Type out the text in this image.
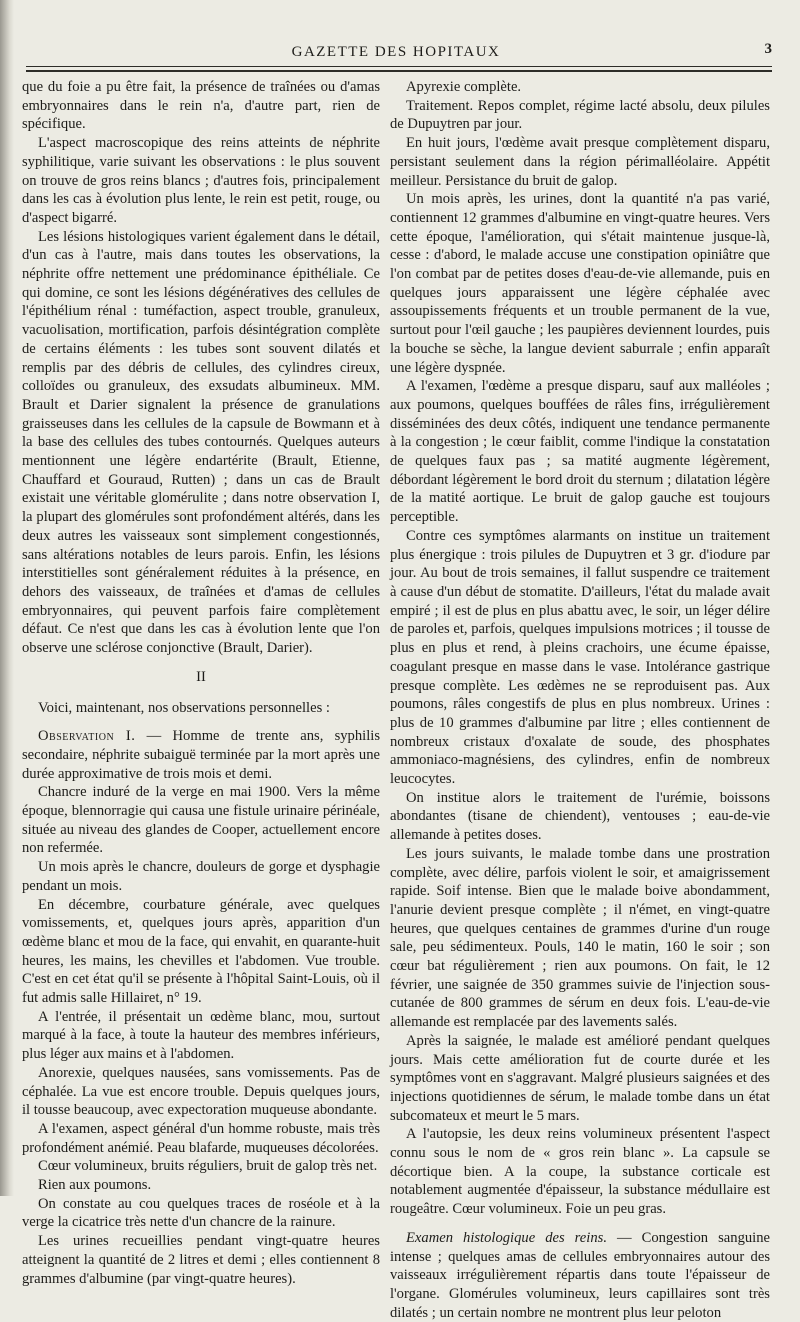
GAZETTE DES HOPITAUX	3

que du foie a pu être fait, la présence de traînées ou d'amas embryonnaires dans le rein n'a, d'autre part, rien de spécifique.

L'aspect macroscopique des reins atteints de néphrite syphilitique, varie suivant les observations : le plus souvent on trouve de gros reins blancs ; d'autres fois, principalement dans les cas à évolution plus lente, le rein est petit, rouge, ou d'aspect bigarré.

Les lésions histologiques varient également dans le détail, d'un cas à l'autre, mais dans toutes les observations, la néphrite offre nettement une prédominance épithéliale. Ce qui domine, ce sont les lésions dégénératives des cellules de l'épithélium rénal : tuméfaction, aspect trouble, granuleux, vacuolisation, mortification, parfois désintégration complète de certains éléments : les tubes sont souvent dilatés et remplis par des débris de cellules, des cylindres cireux, colloïdes ou granuleux, des exsudats albumineux. MM. Brault et Darier signalent la présence de granulations graisseuses dans les cellules de la capsule de Bowmann et à la base des cellules des tubes contournés. Quelques auteurs mentionnent une légère endartérite (Brault, Etienne, Chauffard et Gouraud, Rutten) ; dans un cas de Brault existait une véritable glomérulite ; dans notre observation I, la plupart des glomérules sont profondément altérés, dans les deux autres les vaisseaux sont simplement congestionnés, sans altérations notables de leurs parois. Enfin, les lésions interstitielles sont généralement réduites à la présence, en dehors des vaisseaux, de traînées et d'amas de cellules embryonnaires, qui peuvent parfois faire complètement défaut. Ce n'est que dans les cas à évolution lente que l'on observe une sclérose conjonctive (Brault, Darier).

II

Voici, maintenant, nos observations personnelles :

Observation I. — Homme de trente ans, syphilis secondaire, néphrite subaiguë terminée par la mort après une durée approximative de trois mois et demi.

Chancre induré de la verge en mai 1900. Vers la même époque, blennorragie qui causa une fistule urinaire périnéale, située au niveau des glandes de Cooper, actuellement encore non refermée.

Un mois après le chancre, douleurs de gorge et dysphagie pendant un mois.

En décembre, courbature générale, avec quelques vomissements, et, quelques jours après, apparition d'un œdème blanc et mou de la face, qui envahit, en quarante-huit heures, les mains, les chevilles et l'abdomen. Vue trouble. C'est en cet état qu'il se présente à l'hôpital Saint-Louis, où il fut admis salle Hillairet, n° 19.

A l'entrée, il présentait un œdème blanc, mou, surtout marqué à la face, à toute la hauteur des membres inférieurs, plus léger aux mains et à l'abdomen.

Anorexie, quelques nausées, sans vomissements. Pas de céphalée. La vue est encore trouble. Depuis quelques jours, il tousse beaucoup, avec expectoration muqueuse abondante.

A l'examen, aspect général d'un homme robuste, mais très profondément anémié. Peau blafarde, muqueuses décolorées.

Cœur volumineux, bruits réguliers, bruit de galop très net.

Rien aux poumons.

On constate au cou quelques traces de roséole et à la verge la cicatrice très nette d'un chancre de la rainure.

Les urines recueillies pendant vingt-quatre heures atteignent la quantité de 2 litres et demi ; elles contiennent 8 grammes d'albumine (par vingt-quatre heures).

Apyrexie complète.

Traitement. Repos complet, régime lacté absolu, deux pilules de Dupuytren par jour.

En huit jours, l'œdème avait presque complètement disparu, persistant seulement dans la région périmalléolaire. Appétit meilleur. Persistance du bruit de galop.

Un mois après, les urines, dont la quantité n'a pas varié, contiennent 12 grammes d'albumine en vingt-quatre heures. Vers cette époque, l'amélioration, qui s'était maintenue jusque-là, cesse : d'abord, le malade accuse une constipation opiniâtre que l'on combat par de petites doses d'eau-de-vie allemande, puis en quelques jours apparaissent une légère céphalée avec assoupissements fréquents et un trouble permanent de la vue, surtout pour l'œil gauche ; les paupières deviennent lourdes, puis la bouche se sèche, la langue devient saburrale ; enfin apparaît une légère dyspnée.

A l'examen, l'œdème a presque disparu, sauf aux malléoles ; aux poumons, quelques bouffées de râles fins, irrégulièrement disséminées des deux côtés, indiquent une tendance permanente à la congestion ; le cœur faiblit, comme l'indique la constatation de quelques faux pas ; sa matité augmente légèrement, débordant légèrement le bord droit du sternum ; dilatation légère de la matité aortique. Le bruit de galop gauche est toujours perceptible.

Contre ces symptômes alarmants on institue un traitement plus énergique : trois pilules de Dupuytren et 3 gr. d'iodure par jour. Au bout de trois semaines, il fallut suspendre ce traitement à cause d'un début de stomatite. D'ailleurs, l'état du malade avait empiré ; il est de plus en plus abattu avec, le soir, un léger délire de paroles et, parfois, quelques impulsions motrices ; il tousse de plus en plus et rend, à pleins crachoirs, une écume épaisse, coagulant presque en masse dans le vase. Intolérance gastrique presque complète. Les œdèmes ne se reproduisent pas. Aux poumons, râles congestifs de plus en plus nombreux. Urines : plus de 10 grammes d'albumine par litre ; elles contiennent de nombreux cristaux d'oxalate de soude, des phosphates ammoniaco-magnésiens, des cylindres, enfin de nombreux leucocytes.

On institue alors le traitement de l'urémie, boissons abondantes (tisane de chiendent), ventouses ; eau-de-vie allemande à petites doses.

Les jours suivants, le malade tombe dans une prostration complète, avec délire, parfois violent le soir, et amaigrissement rapide. Soif intense. Bien que le malade boive abondamment, l'anurie devient presque complète ; il n'émet, en vingt-quatre heures, que quelques centaines de grammes d'urine d'un rouge sale, peu sédimenteux. Pouls, 140 le matin, 160 le soir ; son cœur bat régulièrement ; rien aux poumons. On fait, le 12 février, une saignée de 350 grammes suivie de l'injection sous-cutanée de 800 grammes de sérum en deux fois. L'eau-de-vie allemande est remplacée par des lavements salés.

Après la saignée, le malade est amélioré pendant quelques jours. Mais cette amélioration fut de courte durée et les symptômes vont en s'aggravant. Malgré plusieurs saignées et des injections quotidiennes de sérum, le malade tombe dans un état subcomateux et meurt le 5 mars.

A l'autopsie, les deux reins volumineux présentent l'aspect connu sous le nom de « gros rein blanc ». La capsule se décortique bien. A la coupe, la substance corticale est notablement augmentée d'épaisseur, la substance médullaire est rougeâtre. Cœur volumineux. Foie un peu gras.

Examen histologique des reins. — Congestion sanguine intense ; quelques amas de cellules embryonnaires autour des vaisseaux irrégulièrement répartis dans toute l'épaisseur de l'organe. Glomérules volumineux, leurs capillaires sont très dilatés ; un certain nombre ne montrent plus leur peloton
